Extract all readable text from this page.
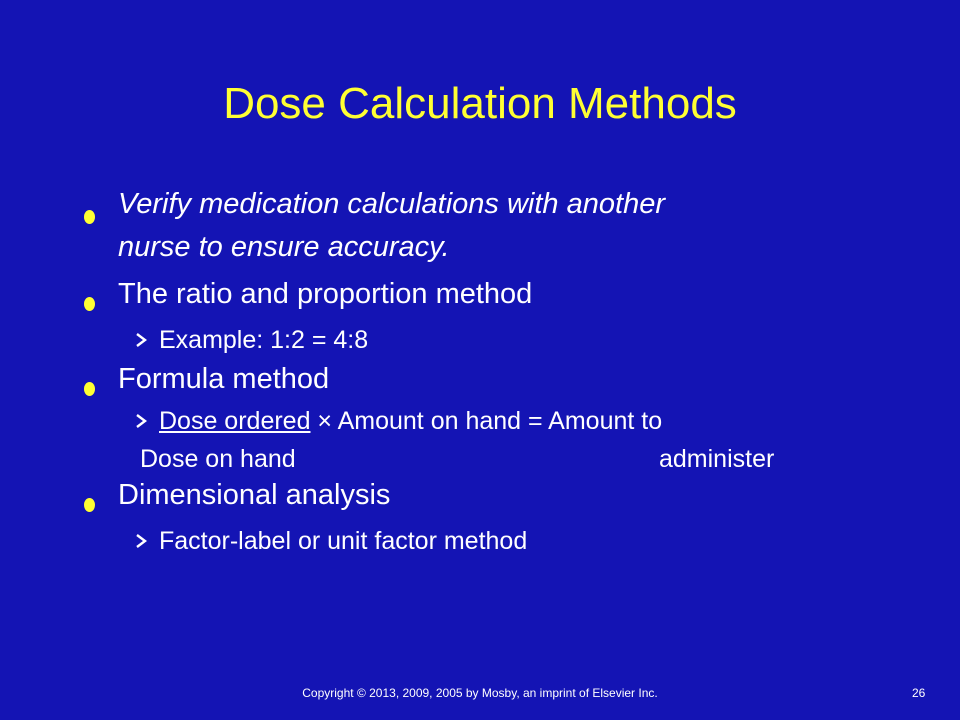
Dose Calculation Methods
Verify medication calculations with another
nurse to ensure accuracy.
The ratio and proportion method
Example: 1:2 = 4:8
Formula method
Dose ordered × Amount on hand = Amount to
Dose on hand	administer
Dimensional analysis
Factor-label or unit factor method
Copyright © 2013, 2009, 2005 by Mosby, an imprint of Elsevier Inc.	26
